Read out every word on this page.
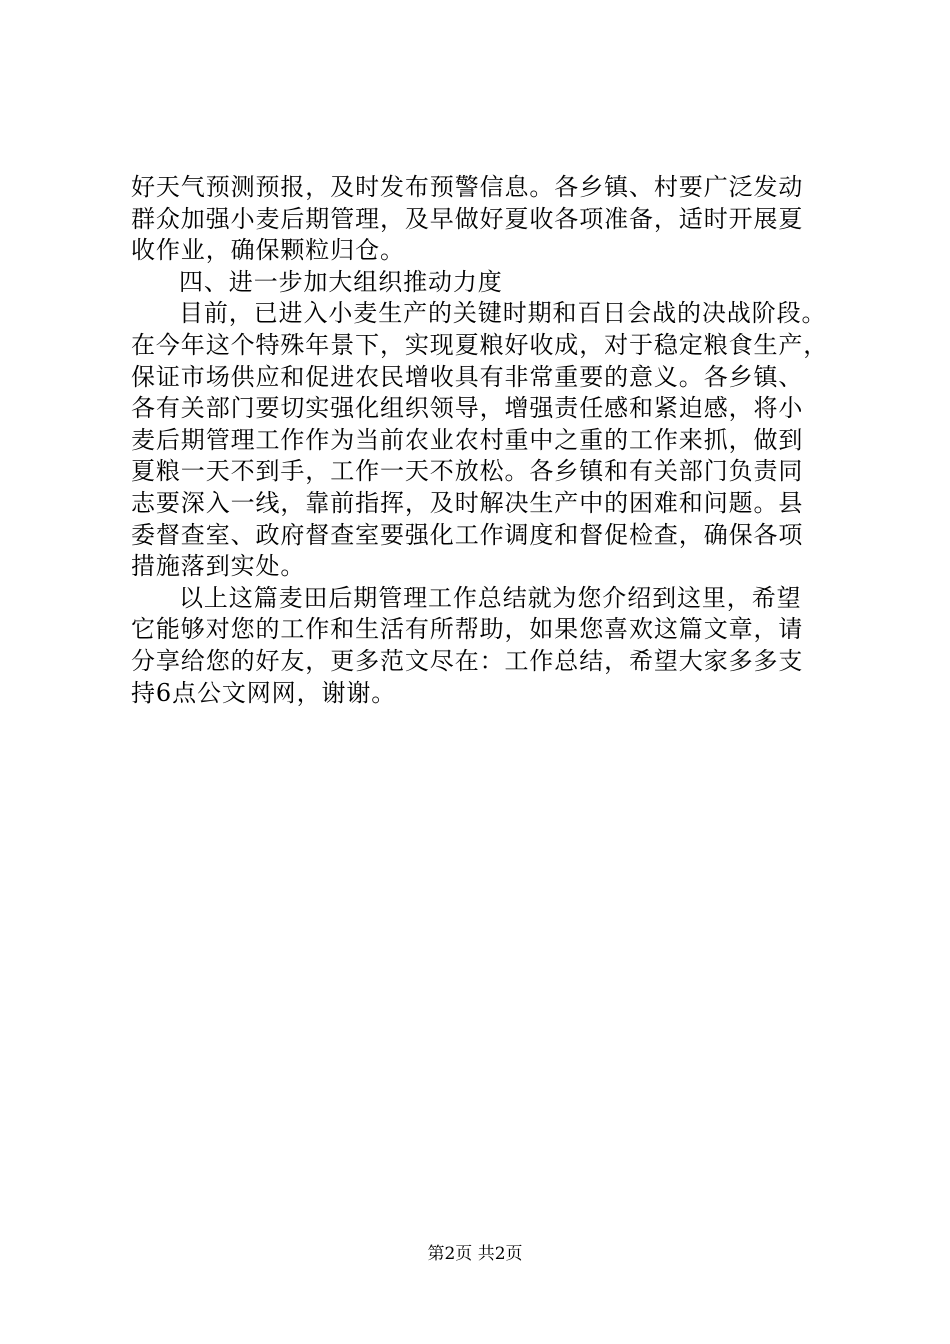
好天气预测预报，及时发布预警信息。各乡镇、村要广泛发动
群众加强小麦后期管理，及早做好夏收各项准备，适时开展夏
收作业，确保颗粒归仓。
四、进一步加大组织推动力度
目前，已进入小麦生产的关键时期和百日会战的决战阶段。
在今年这个特殊年景下，实现夏粮好收成，对于稳定粮食生产，
保证市场供应和促进农民增收具有非常重要的意义。各乡镇、
各有关部门要切实强化组织领导，增强责任感和紧迫感，将小
麦后期管理工作作为当前农业农村重中之重的工作来抓，做到
夏粮一天不到手，工作一天不放松。各乡镇和有关部门负责同
志要深入一线，靠前指挥，及时解决生产中的困难和问题。县
委督查室、政府督查室要强化工作调度和督促检查，确保各项
措施落到实处。
以上这篇麦田后期管理工作总结就为您介绍到这里，希望
它能够对您的工作和生活有所帮助，如果您喜欢这篇文章，请
分享给您的好友，更多范文尽在：工作总结，希望大家多多支
持6点公文网网，谢谢。
第2页 共2页
